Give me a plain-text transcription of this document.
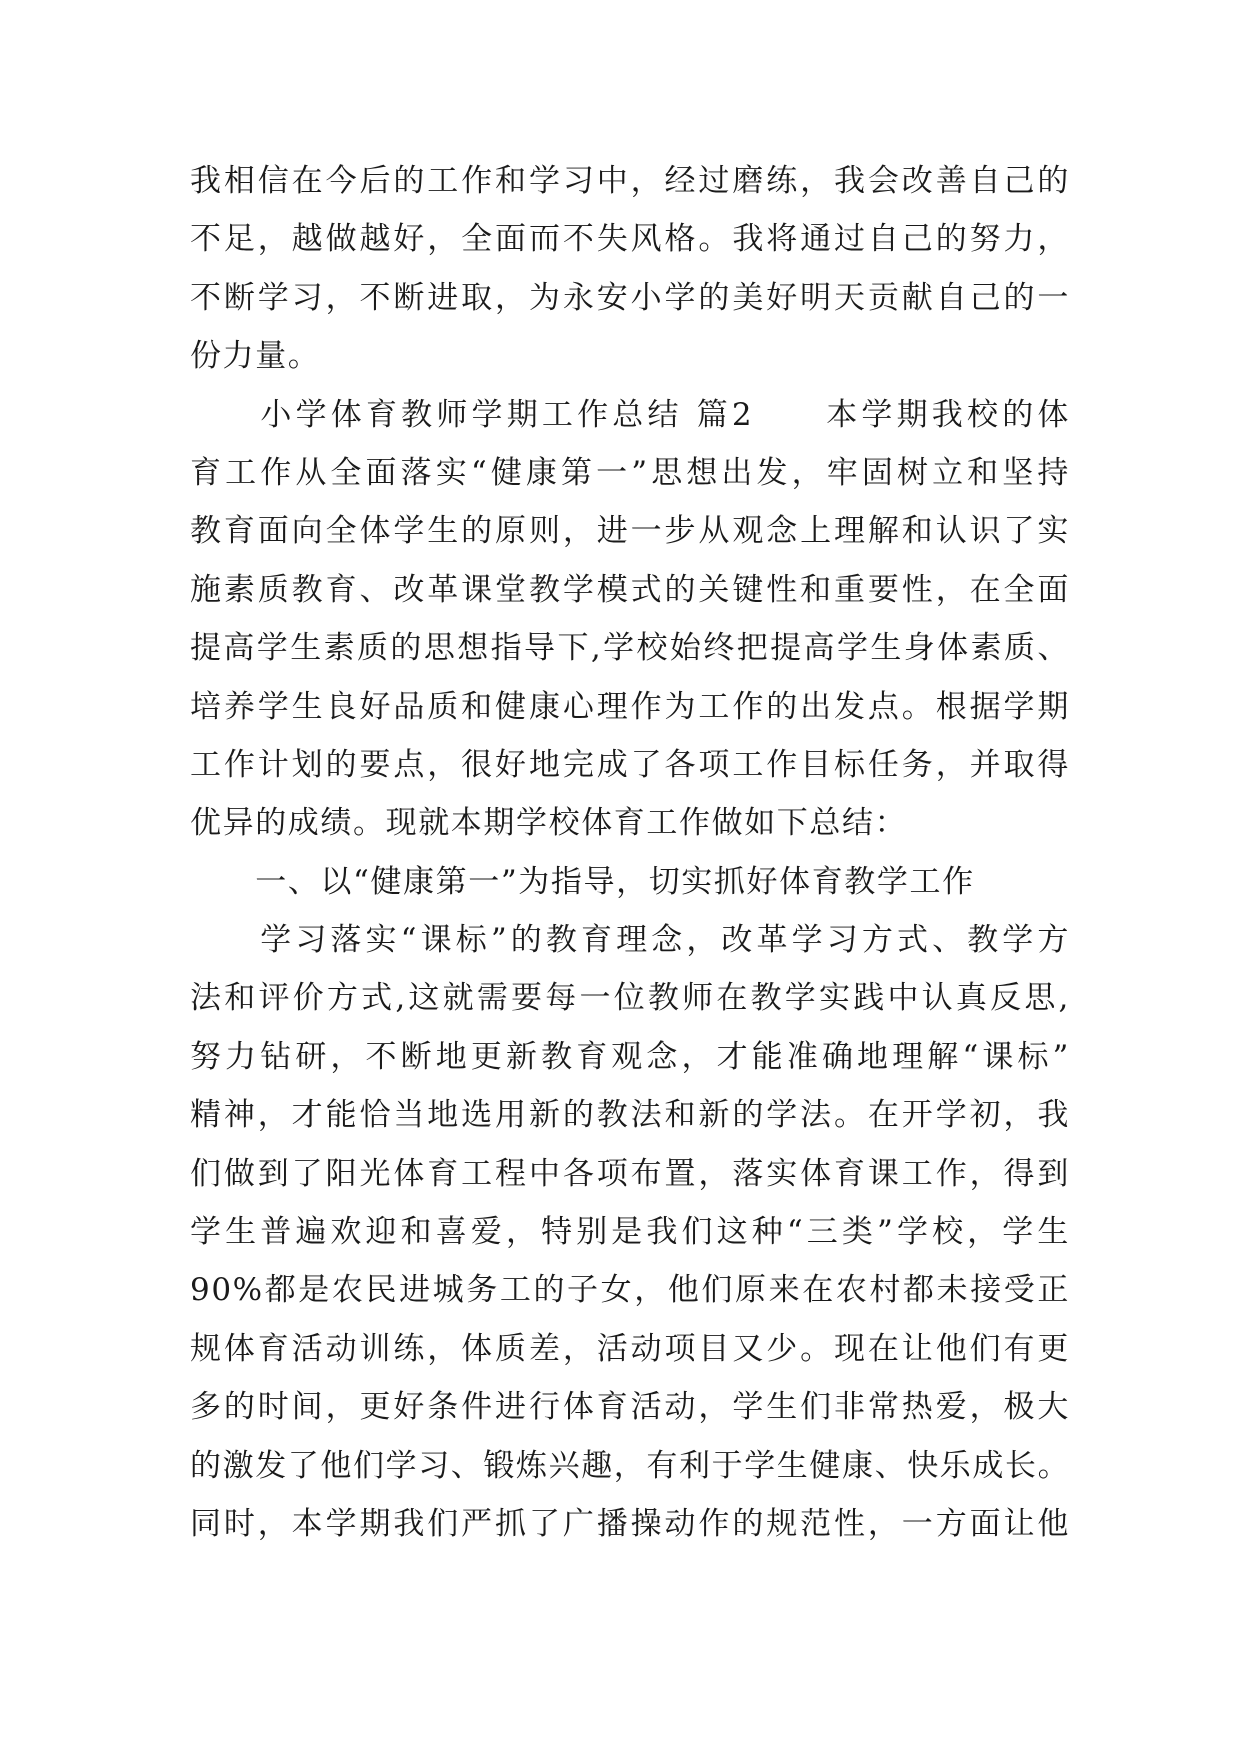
我相信在今后的工作和学习中，经过磨练，我会改善自己的
不足，越做越好，全面而不失风格。我将通过自己的努力，
不断学习，不断进取，为永安小学的美好明天贡献自己的一
份力量。
　　小学体育教师学期工作总结 篇2　　本学期我校的体
育工作从全面落实“健康第一”思想出发，牢固树立和坚持
教育面向全体学生的原则，进一步从观念上理解和认识了实
施素质教育、改革课堂教学模式的关键性和重要性，在全面
提高学生素质的思想指导下,学校始终把提高学生身体素质、
培养学生良好品质和健康心理作为工作的出发点。根据学期
工作计划的要点，很好地完成了各项工作目标任务，并取得
优异的成绩。现就本期学校体育工作做如下总结：
　　一、以“健康第一”为指导，切实抓好体育教学工作
　　学习落实“课标”的教育理念，改革学习方式、教学方
法和评价方式,这就需要每一位教师在教学实践中认真反思,
努力钻研，不断地更新教育观念，才能准确地理解“课标”
精神，才能恰当地选用新的教法和新的学法。在开学初，我
们做到了阳光体育工程中各项布置，落实体育课工作，得到
学生普遍欢迎和喜爱，特别是我们这种“三类”学校，学生
90%都是农民进城务工的子女，他们原来在农村都未接受正
规体育活动训练，体质差，活动项目又少。现在让他们有更
多的时间，更好条件进行体育活动，学生们非常热爱，极大
的激发了他们学习、锻炼兴趣，有利于学生健康、快乐成长。
同时，本学期我们严抓了广播操动作的规范性，一方面让他
